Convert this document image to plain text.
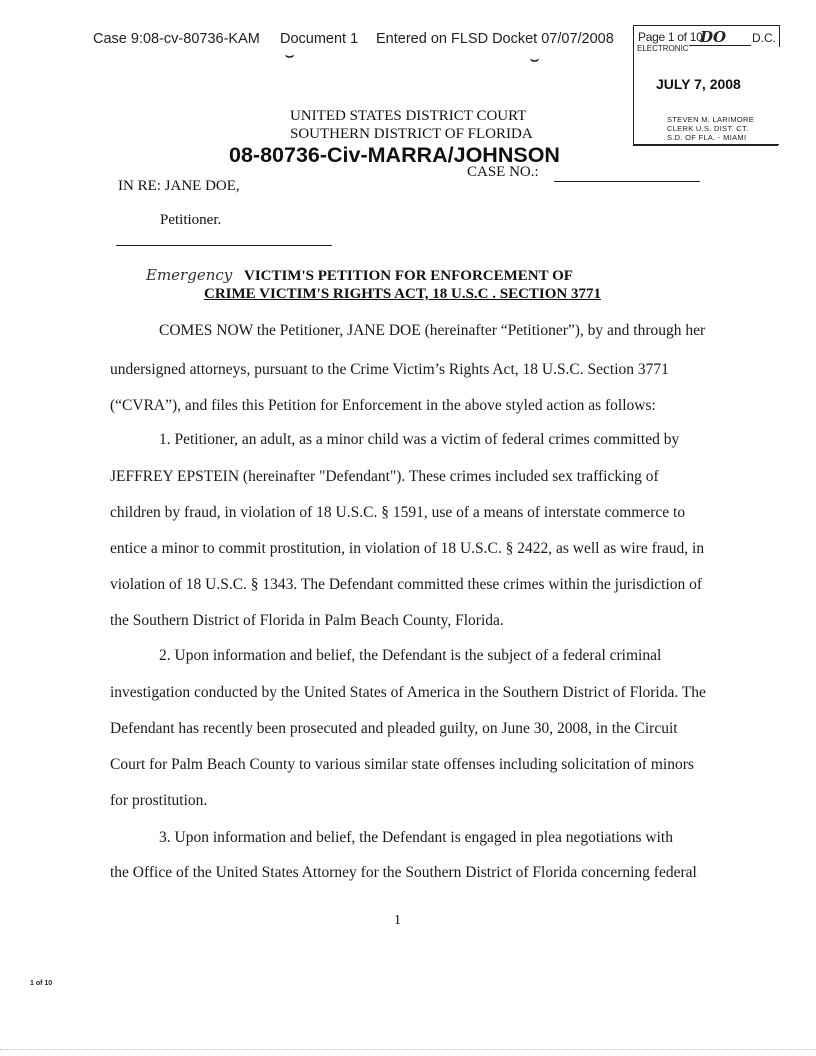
Case 9:08-cv-80736-KAM Document 1 Entered on FLSD Docket 07/07/2008 Page 1 of 10
⌣	⌣
DO D.C.
ELECTRONIC
JULY 7, 2008
STEVEN M. LARIMORE
CLERK U.S. DIST. CT.
S.D. OF FLA. - MIAMI
UNITED STATES DISTRICT COURT
SOUTHERN DISTRICT OF FLORIDA
08-80736-Civ-MARRA/JOHNSON
CASE NO.:
IN RE: JANE DOE,
Petitioner.
Emergency VICTIM'S PETITION FOR ENFORCEMENT OF
CRIME VICTIM'S RIGHTS ACT, 18 U.S.C . SECTION 3771
COMES NOW the Petitioner, JANE DOE (hereinafter “Petitioner”), by and through her
undersigned attorneys, pursuant to the Crime Victim’s Rights Act, 18 U.S.C. Section 3771
(“CVRA”), and files this Petition for Enforcement in the above styled action as follows:
1. Petitioner, an adult, as a minor child was a victim of federal crimes committed by
JEFFREY EPSTEIN (hereinafter "Defendant"). These crimes included sex trafficking of
children by fraud, in violation of 18 U.S.C. § 1591, use of a means of interstate commerce to
entice a minor to commit prostitution, in violation of 18 U.S.C. § 2422, as well as wire fraud, in
violation of 18 U.S.C. § 1343. The Defendant committed these crimes within the jurisdiction of
the Southern District of Florida in Palm Beach County, Florida.
2. Upon information and belief, the Defendant is the subject of a federal criminal
investigation conducted by the United States of America in the Southern District of Florida. The
Defendant has recently been prosecuted and pleaded guilty, on June 30, 2008, in the Circuit
Court for Palm Beach County to various similar state offenses including solicitation of minors
for prostitution.
3. Upon information and belief, the Defendant is engaged in plea negotiations with
the Office of the United States Attorney for the Southern District of Florida concerning federal
1
1 of 10
